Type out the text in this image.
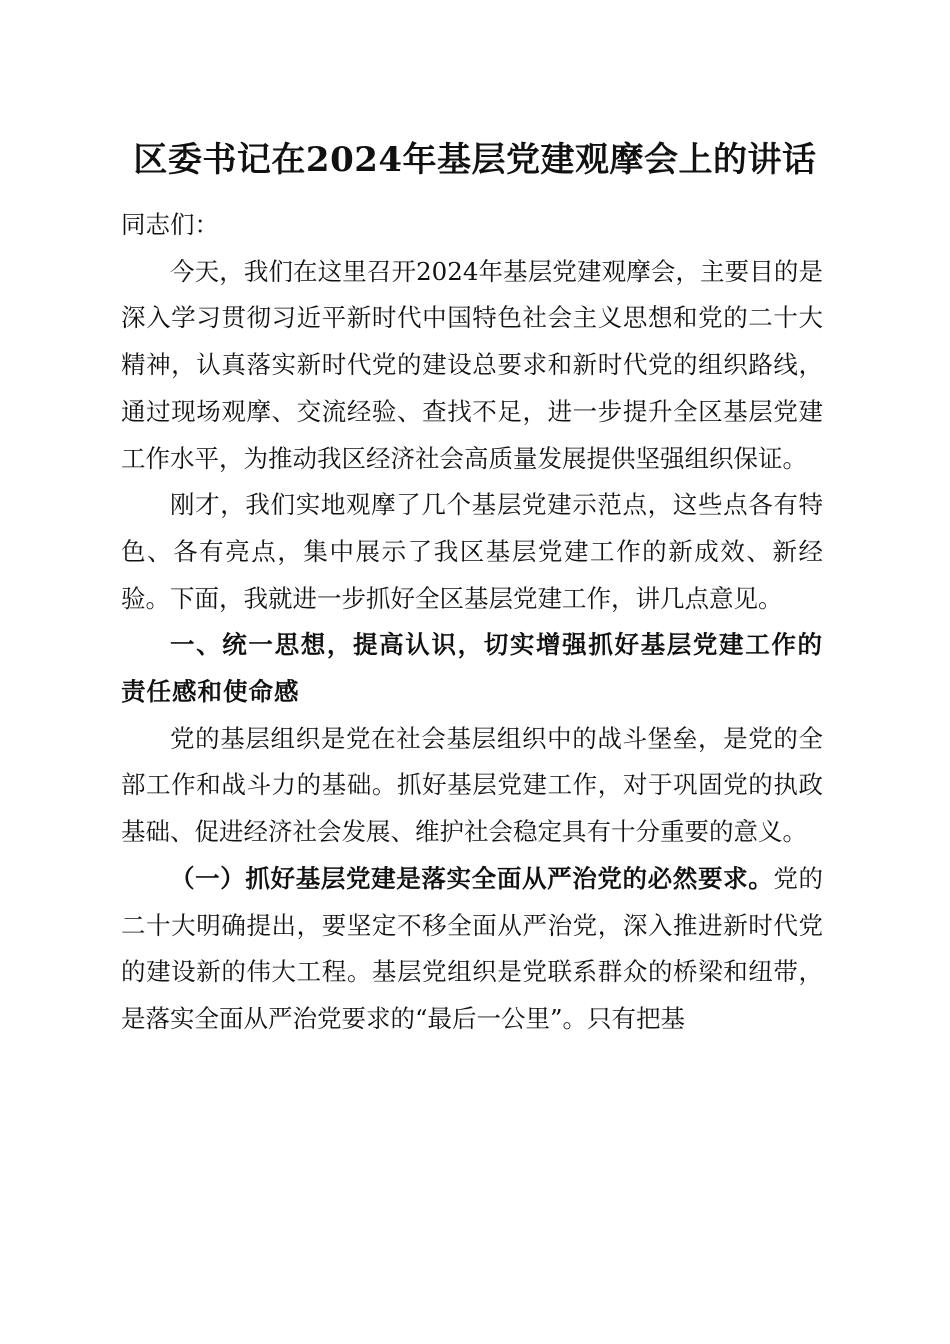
区委书记在2024年基层党建观摩会上的讲话

同志们：

今天，我们在这里召开2024年基层党建观摩会，主要目的是深入学习贯彻习近平新时代中国特色社会主义思想和党的二十大精神，认真落实新时代党的建设总要求和新时代党的组织路线，通过现场观摩、交流经验、查找不足，进一步提升全区基层党建工作水平，为推动我区经济社会高质量发展提供坚强组织保证。

刚才，我们实地观摩了几个基层党建示范点，这些点各有特色、各有亮点，集中展示了我区基层党建工作的新成效、新经验。下面，我就进一步抓好全区基层党建工作，讲几点意见。

一、统一思想，提高认识，切实增强抓好基层党建工作的责任感和使命感

党的基层组织是党在社会基层组织中的战斗堡垒，是党的全部工作和战斗力的基础。抓好基层党建工作，对于巩固党的执政基础、促进经济社会发展、维护社会稳定具有十分重要的意义。

（一）抓好基层党建是落实全面从严治党的必然要求。党的二十大明确提出，要坚定不移全面从严治党，深入推进新时代党的建设新的伟大工程。基层党组织是党联系群众的桥梁和纽带，是落实全面从严治党要求的“最后一公里”。只有把基
